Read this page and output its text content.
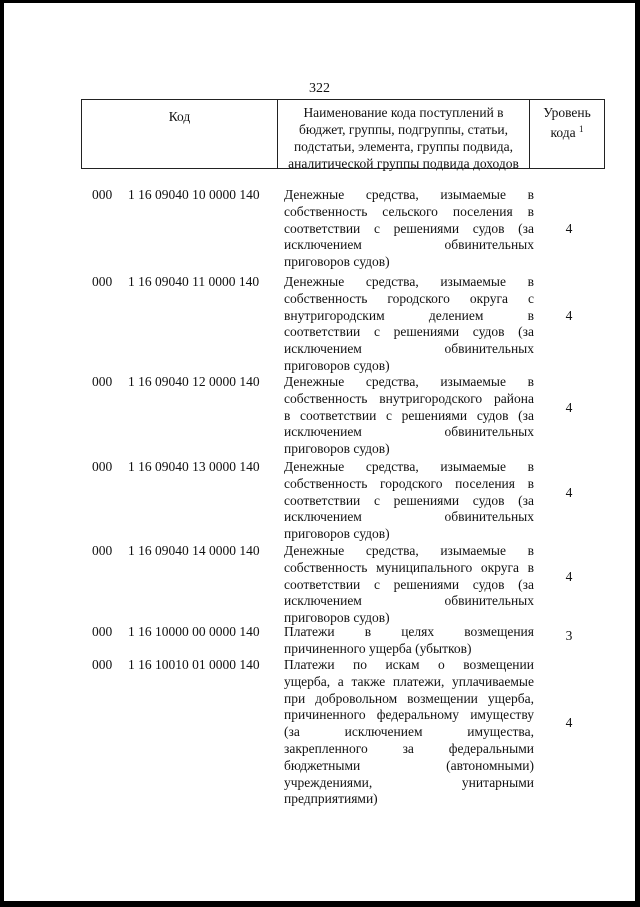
322
Код	Наименование кода поступлений в
бюджет, группы, подгруппы, статьи,
подстатьи, элемента, группы подвида,
аналитической группы подвида доходов
Уровень
кода $^1$
000	1 16 09040 10 0000 140	Денежные средства, изымаемые в
собственность сельского поселения в
соответствии с решениями судов (за
исключением обвинительных
приговоров судов)
4
000	1 16 09040 11 0000 140	Денежные средства, изымаемые в
собственность городского округа с
внутригородским делением в
соответствии с решениями судов (за
исключением обвинительных
приговоров судов)
4
000	1 16 09040 12 0000 140	Денежные средства, изымаемые в
собственность внутригородского района
в соответствии с решениями судов (за
исключением обвинительных
приговоров судов)
4
000	1 16 09040 13 0000 140	Денежные средства, изымаемые в
собственность городского поселения в
соответствии с решениями судов (за
исключением обвинительных
приговоров судов)
4
000	1 16 09040 14 0000 140	Денежные средства, изымаемые в
собственность муниципального округа в
соответствии с решениями судов (за
исключением обвинительных
приговоров судов)
4
000	1 16 10000 00 0000 140	Платежи в целях возмещения
причиненного ущерба (убытков)
3
000	1 16 10010 01 0000 140	Платежи по искам о возмещении
ущерба, а также платежи, уплачиваемые
при добровольном возмещении ущерба,
причиненного федеральному имуществу
(за исключением имущества,
закрепленного за федеральными
бюджетными (автономными)
учреждениями, унитарными
предприятиями)
4
